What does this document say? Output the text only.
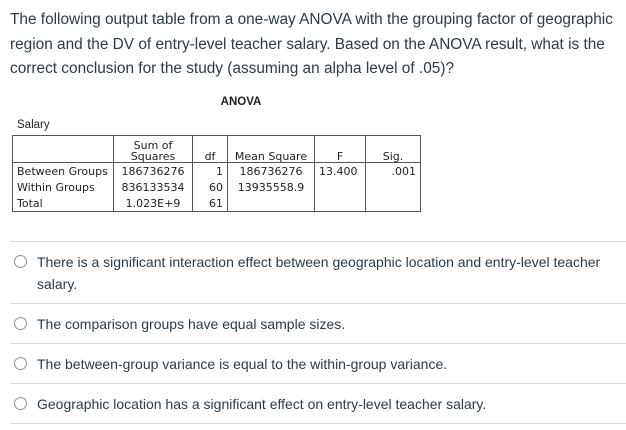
The following output table from a one-way ANOVA with the grouping factor of geographic region and the DV of entry-level teacher salary. Based on the ANOVA result, what is the correct conclusion for the study (assuming an alpha level of .05)?

ANOVA
Salary
	Sum of
Squares	df	Mean Square	F	Sig.
Between Groups	186736276	1	186736276	13.400	.001
Within Groups	836133534	60	13935558.9		
Total	1.023E+9	61			
There is a significant interaction effect between geographic location and entry-level teacher salary.
The comparison groups have equal sample sizes.
The between-group variance is equal to the within-group variance.
Geographic location has a significant effect on entry-level teacher salary.
